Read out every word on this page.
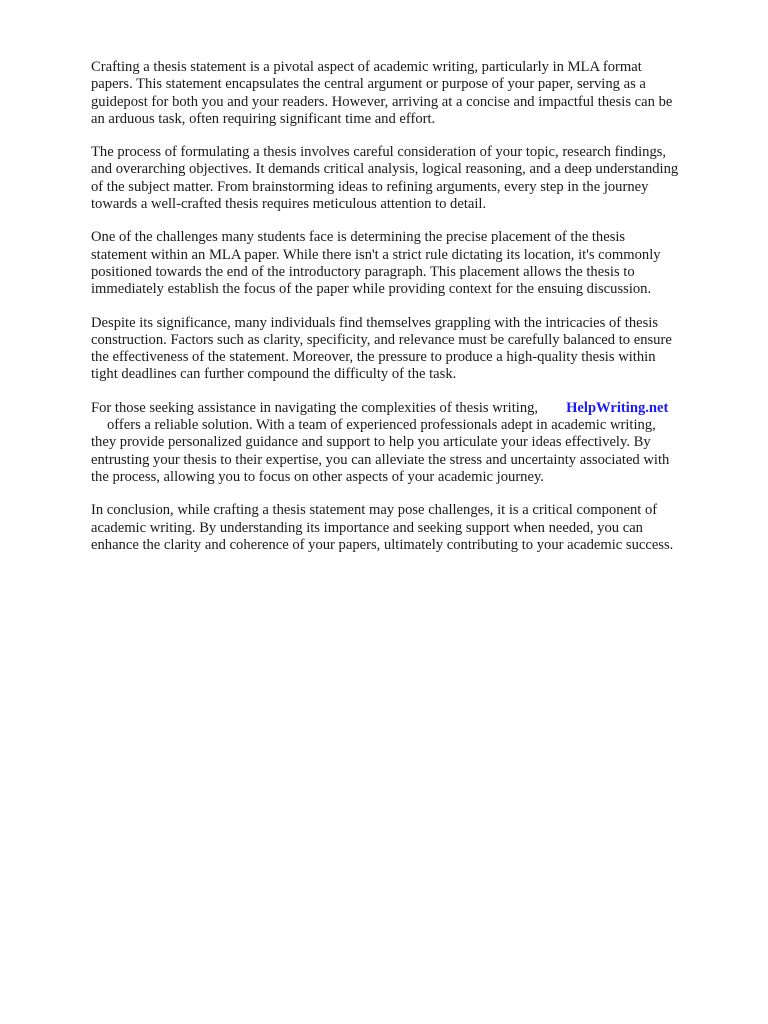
Crafting a thesis statement is a pivotal aspect of academic writing, particularly in MLA format
papers. This statement encapsulates the central argument or purpose of your paper, serving as a
guidepost for both you and your readers. However, arriving at a concise and impactful thesis can be
an arduous task, often requiring significant time and effort.

The process of formulating a thesis involves careful consideration of your topic, research findings,
and overarching objectives. It demands critical analysis, logical reasoning, and a deep understanding
of the subject matter. From brainstorming ideas to refining arguments, every step in the journey
towards a well-crafted thesis requires meticulous attention to detail.

One of the challenges many students face is determining the precise placement of the thesis
statement within an MLA paper. While there isn't a strict rule dictating its location, it's commonly
positioned towards the end of the introductory paragraph. This placement allows the thesis to
immediately establish the focus of the paper while providing context for the ensuing discussion.

Despite its significance, many individuals find themselves grappling with the intricacies of thesis
construction. Factors such as clarity, specificity, and relevance must be carefully balanced to ensure
the effectiveness of the statement. Moreover, the pressure to produce a high-quality thesis within
tight deadlines can further compound the difficulty of the task.

For those seeking assistance in navigating the complexities of thesis writing, HelpWriting.net
offers a reliable solution. With a team of experienced professionals adept in academic writing,
they provide personalized guidance and support to help you articulate your ideas effectively. By
entrusting your thesis to their expertise, you can alleviate the stress and uncertainty associated with
the process, allowing you to focus on other aspects of your academic journey.

In conclusion, while crafting a thesis statement may pose challenges, it is a critical component of
academic writing. By understanding its importance and seeking support when needed, you can
enhance the clarity and coherence of your papers, ultimately contributing to your academic success.
